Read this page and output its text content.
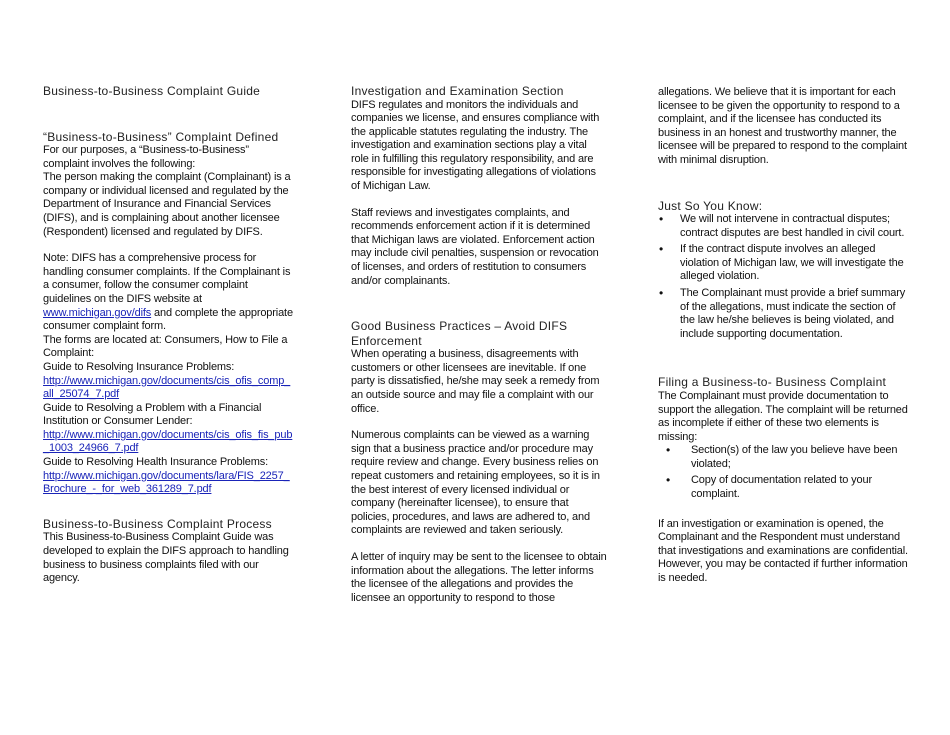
Business-to-Business Complaint Guide
“Business-to-Business” Complaint Defined

For our purposes, a “Business-to-Business” complaint involves the following:

The person making the complaint (Complainant) is a company or individual licensed and regulated by the Department of Insurance and Financial Services (DIFS), and is complaining about another licensee (Respondent) licensed and regulated by DIFS.

Note: DIFS has a comprehensive process for handling consumer complaints. If the Complainant is a consumer, follow the consumer complaint guidelines on the DIFS website at www.michigan.gov/difs and complete the appropriate consumer complaint form.

The forms are located at: Consumers, How to File a Complaint:

Guide to Resolving Insurance Problems:
http://www.michigan.gov/documents/cis_ofis_comp_all_25074_7.pdf
Guide to Resolving a Problem with a Financial Institution or Consumer Lender:
http://www.michigan.gov/documents/cis_ofis_fis_pub_1003_24966_7.pdf
Guide to Resolving Health Insurance Problems:
http://www.michigan.gov/documents/lara/FIS_2257_Brochure_-_for_web_361289_7.pdf
Business-to-Business Complaint Process

This Business-to-Business Complaint Guide was developed to explain the DIFS approach to handling business to business complaints filed with our agency.

Investigation and Examination Section

DIFS regulates and monitors the individuals and companies we license, and ensures compliance with the applicable statutes regulating the industry. The investigation and examination sections play a vital role in fulfilling this regulatory responsibility, and are responsible for investigating allegations of violations of Michigan Law.

Staff reviews and investigates complaints, and recommends enforcement action if it is determined that Michigan laws are violated. Enforcement action may include civil penalties, suspension or revocation of licenses, and orders of restitution to consumers and/or complainants.

Good Business Practices – Avoid DIFS Enforcement

When operating a business, disagreements with customers or other licensees are inevitable. If one party is dissatisfied, he/she may seek a remedy from an outside source and may file a complaint with our office.

Numerous complaints can be viewed as a warning sign that a business practice and/or procedure may require review and change. Every business relies on repeat customers and retaining employees, so it is in the best interest of every licensed individual or company (hereinafter licensee), to ensure that policies, procedures, and laws are adhered to, and complaints are reviewed and taken seriously.

A letter of inquiry may be sent to the licensee to obtain information about the allegations. The letter informs the licensee of the allegations and provides the licensee an opportunity to respond to those

allegations. We believe that it is important for each licensee to be given the opportunity to respond to a complaint, and if the licensee has conducted its business in an honest and trustworthy manner, the licensee will be prepared to respond to the complaint with minimal disruption.

Just So You Know:
• We will not intervene in contractual disputes; contract disputes are best handled in civil court.
• If the contract dispute involves an alleged violation of Michigan law, we will investigate the alleged violation.
• The Complainant must provide a brief summary of the allegations, must indicate the section of the law he/she believes is being violated, and include supporting documentation.
Filing a Business-to- Business Complaint

The Complainant must provide documentation to support the allegation. The complaint will be returned as incomplete if either of these two elements is missing:

• Section(s) of the law you believe have been violated;
• Copy of documentation related to your complaint.

If an investigation or examination is opened, the Complainant and the Respondent must understand that investigations and examinations are confidential. However, you may be contacted if further information is needed.
